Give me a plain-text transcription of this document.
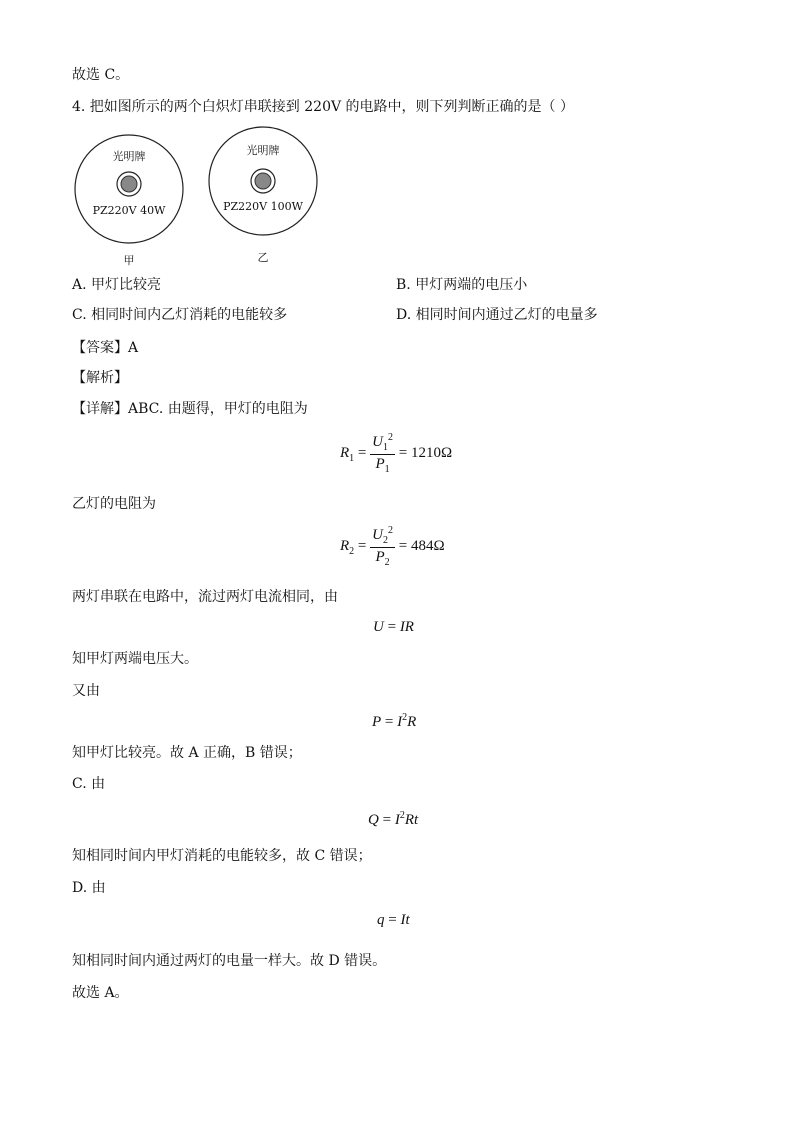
故选 C。
4. 把如图所示的两个白炽灯串联接到 220V 的电路中，则下列判断正确的是（ ）
光明牌
PZ220V 40W
甲
光明牌
PZ220V 100W
乙
A. 甲灯比较亮	B. 甲灯两端的电压小
C. 相同时间内乙灯消耗的电能较多	D. 相同时间内通过乙灯的电量多
【答案】A
【解析】
【详解】ABC. 由题得，甲灯的电阻为
$R_1 = \frac{U_1^2}{P_1} = 1210\Omega$
乙灯的电阻为
$R_2 = \frac{U_2^2}{P_2} = 484\Omega$
两灯串联在电路中，流过两灯电流相同，由
U = IR
知甲灯两端电压大。
又由
$P = I^2R$
知甲灯比较亮。故 A 正确，B 错误；
C. 由
$Q = I^2Rt$
知相同时间内甲灯消耗的电能较多，故 C 错误；
D. 由
q = It
知相同时间内通过两灯的电量一样大。故 D 错误。
故选 A。
